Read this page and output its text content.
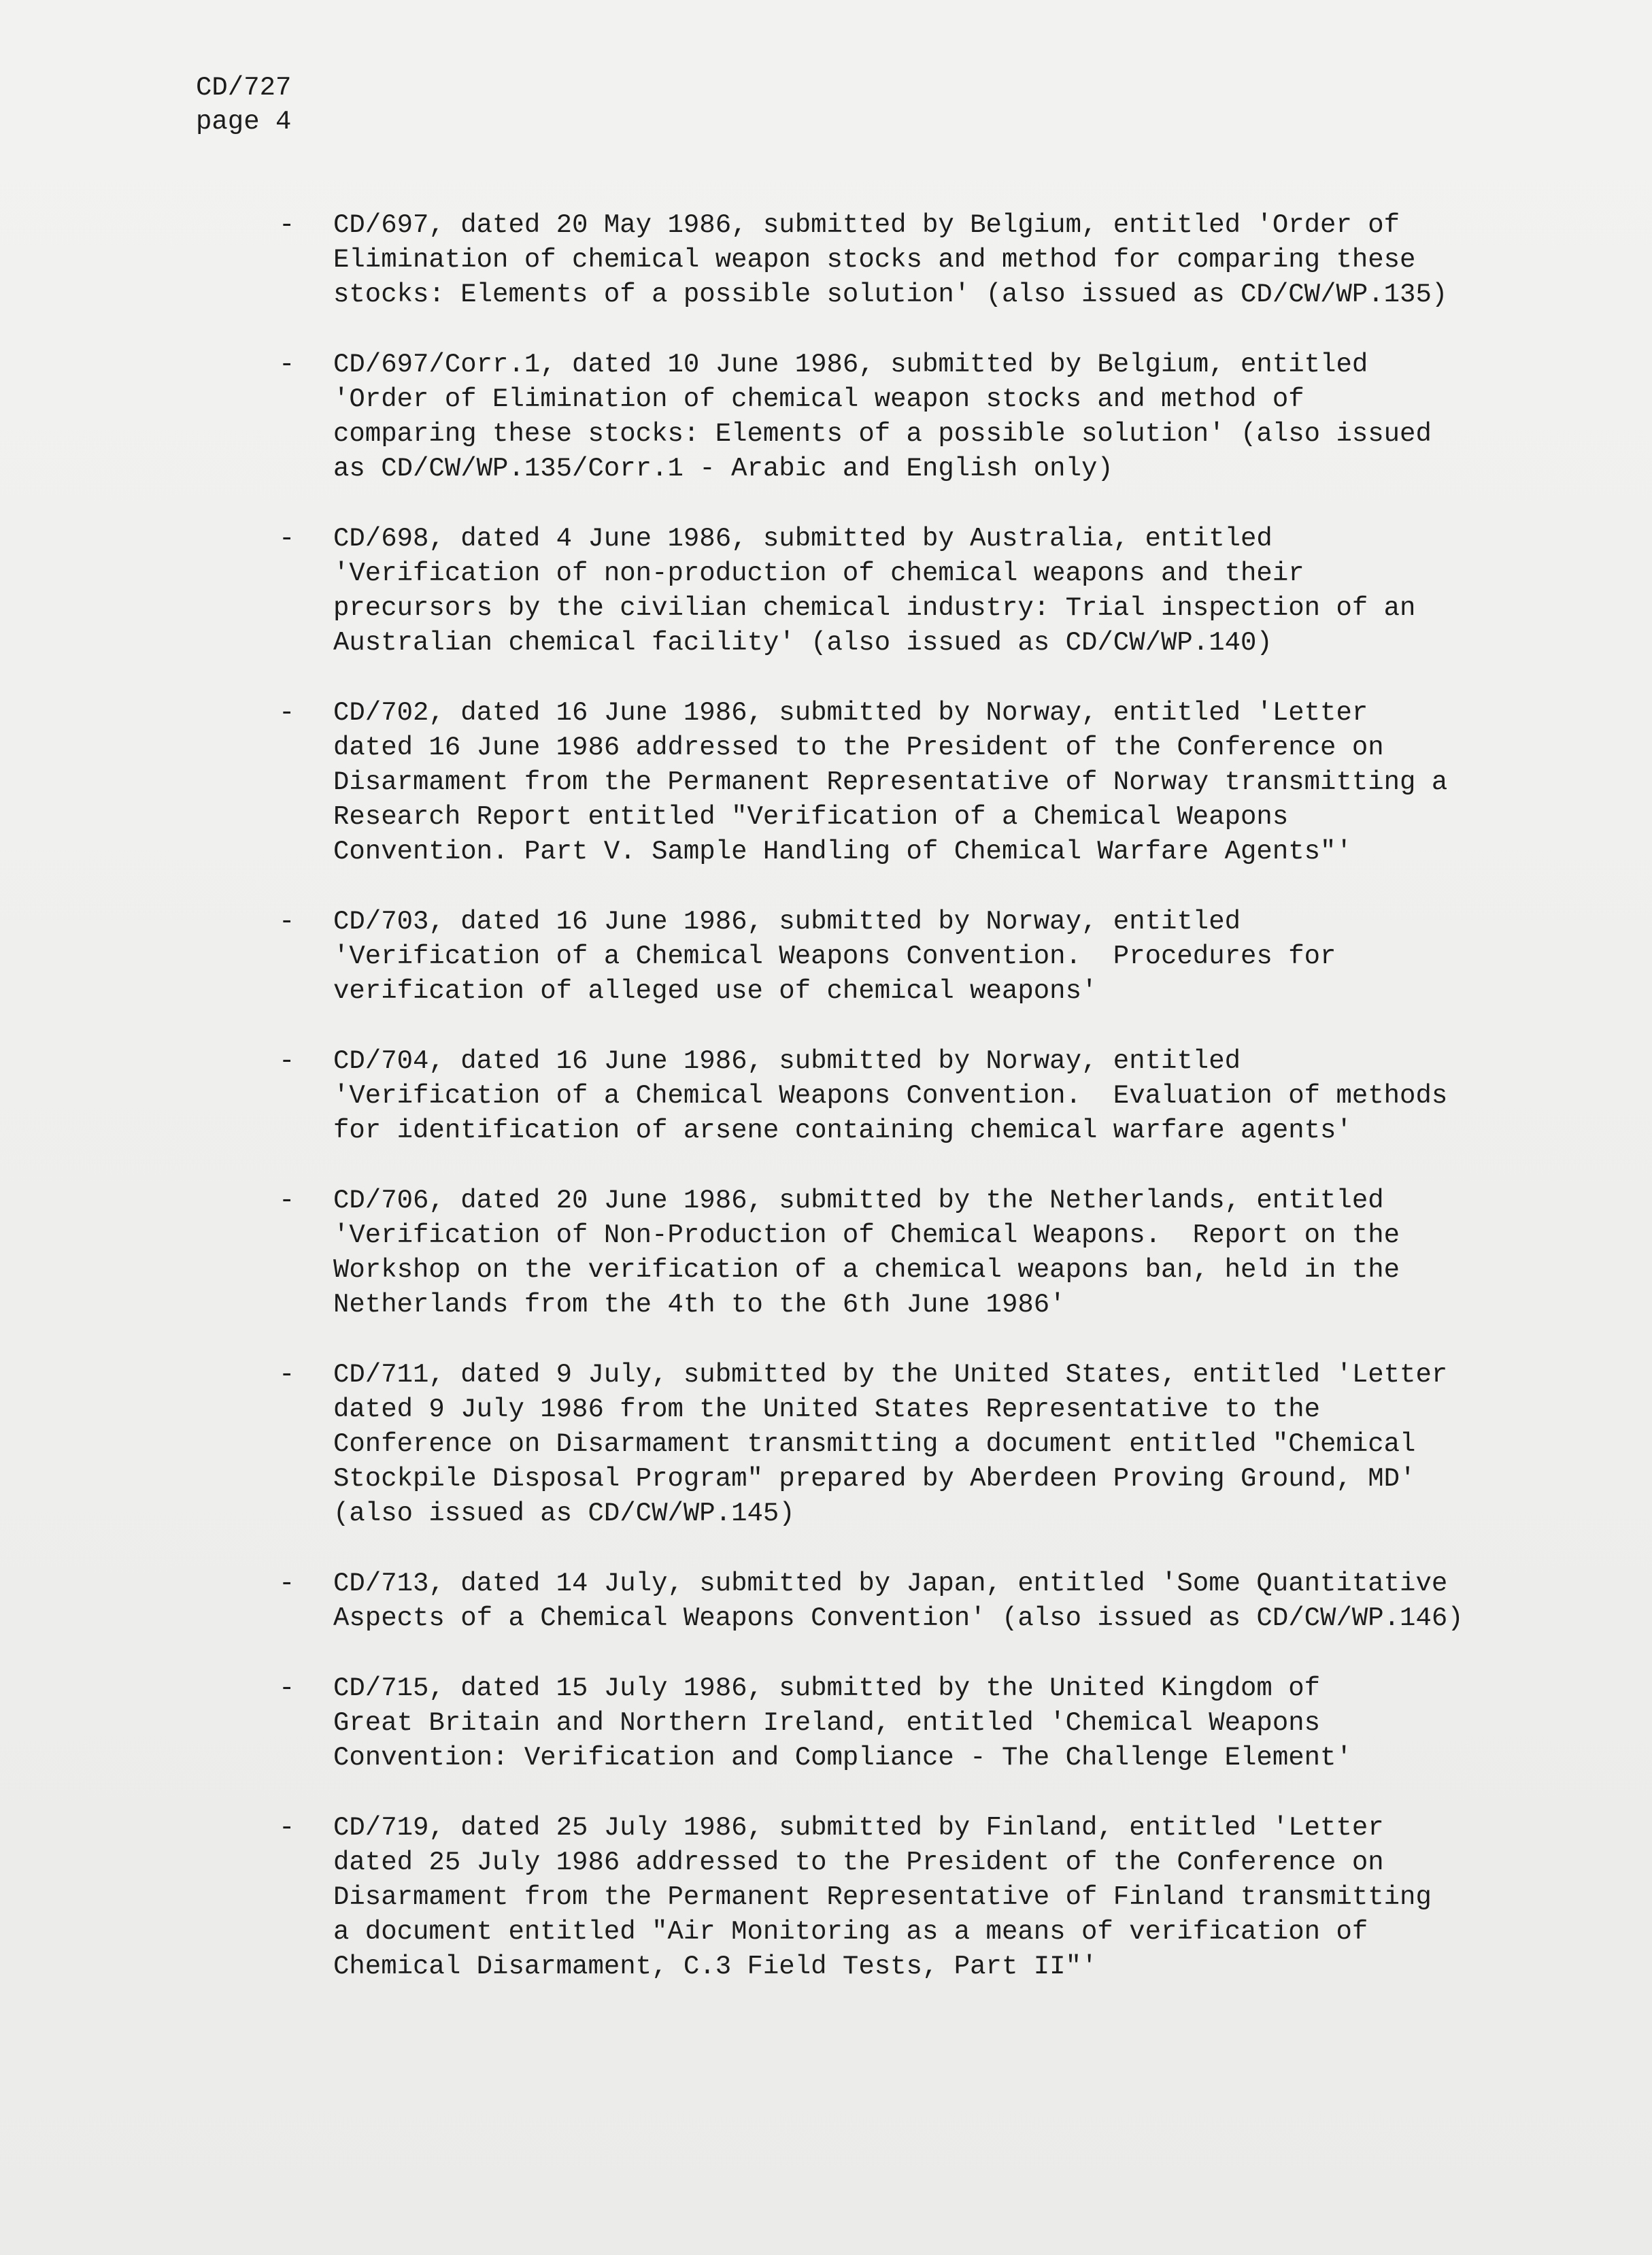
CD/727
page 4
-	CD/697, dated 20 May 1986, submitted by Belgium, entitled 'Order of
Elimination of chemical weapon stocks and method for comparing these
stocks: Elements of a possible solution' (also issued as CD/CW/WP.135)
-	CD/697/Corr.1, dated 10 June 1986, submitted by Belgium, entitled
'Order of Elimination of chemical weapon stocks and method of
comparing these stocks: Elements of a possible solution' (also issued
as CD/CW/WP.135/Corr.1 - Arabic and English only)
-	CD/698, dated 4 June 1986, submitted by Australia, entitled
'Verification of non-production of chemical weapons and their
precursors by the civilian chemical industry: Trial inspection of an
Australian chemical facility' (also issued as CD/CW/WP.140)
-	CD/702, dated 16 June 1986, submitted by Norway, entitled 'Letter
dated 16 June 1986 addressed to the President of the Conference on
Disarmament from the Permanent Representative of Norway transmitting a
Research Report entitled "Verification of a Chemical Weapons
Convention. Part V. Sample Handling of Chemical Warfare Agents"'
-	CD/703, dated 16 June 1986, submitted by Norway, entitled
'Verification of a Chemical Weapons Convention.  Procedures for
verification of alleged use of chemical weapons'
-	CD/704, dated 16 June 1986, submitted by Norway, entitled
'Verification of a Chemical Weapons Convention.  Evaluation of methods
for identification of arsene containing chemical warfare agents'
-	CD/706, dated 20 June 1986, submitted by the Netherlands, entitled
'Verification of Non-Production of Chemical Weapons.  Report on the
Workshop on the verification of a chemical weapons ban, held in the
Netherlands from the 4th to the 6th June 1986'
-	CD/711, dated 9 July, submitted by the United States, entitled 'Letter
dated 9 July 1986 from the United States Representative to the
Conference on Disarmament transmitting a document entitled "Chemical
Stockpile Disposal Program" prepared by Aberdeen Proving Ground, MD'
(also issued as CD/CW/WP.145)
-	CD/713, dated 14 July, submitted by Japan, entitled 'Some Quantitative
Aspects of a Chemical Weapons Convention' (also issued as CD/CW/WP.146)
-	CD/715, dated 15 July 1986, submitted by the United Kingdom of
Great Britain and Northern Ireland, entitled 'Chemical Weapons
Convention: Verification and Compliance - The Challenge Element'
-	CD/719, dated 25 July 1986, submitted by Finland, entitled 'Letter
dated 25 July 1986 addressed to the President of the Conference on
Disarmament from the Permanent Representative of Finland transmitting
a document entitled "Air Monitoring as a means of verification of
Chemical Disarmament, C.3 Field Tests, Part II"'
